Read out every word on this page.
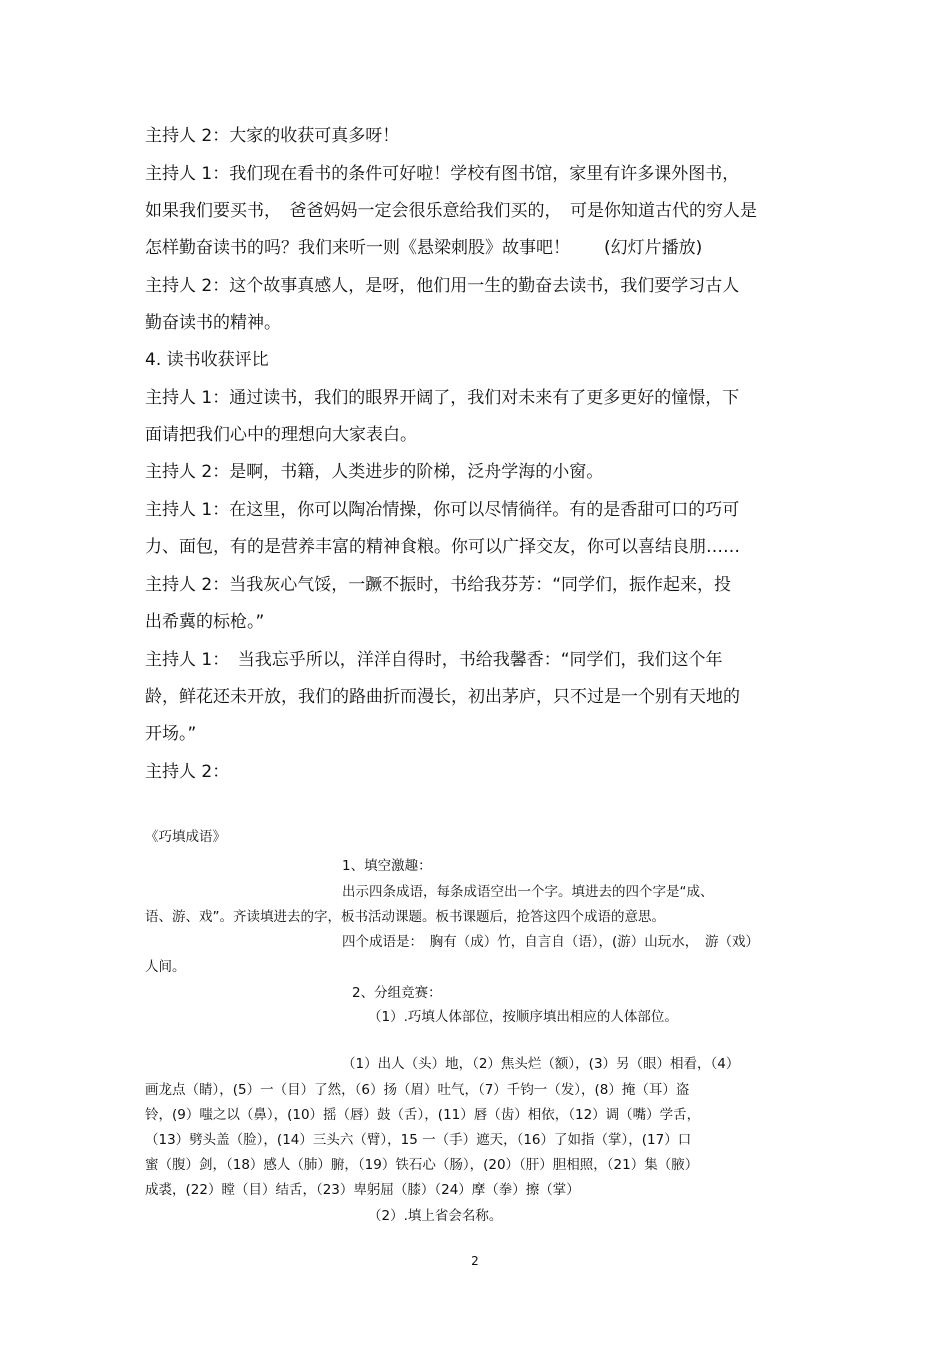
主持人 2：大家的收获可真多呀！
主持人 1：我们现在看书的条件可好啦！学校有图书馆，家里有许多课外图书，
如果我们要买书，　爸爸妈妈一定会很乐意给我们买的，　可是你知道古代的穷人是
怎样勤奋读书的吗？我们来听一则《悬梁刺股》故事吧！　　(幻灯片播放)
主持人 2：这个故事真感人，是呀，他们用一生的勤奋去读书，我们要学习古人
勤奋读书的精神。
4. 读书收获评比
主持人 1：通过读书，我们的眼界开阔了，我们对未来有了更多更好的憧憬，下
面请把我们心中的理想向大家表白。
主持人 2：是啊，书籍，人类进步的阶梯，泛舟学海的小窗。
主持人 1：在这里，你可以陶冶情操，你可以尽情徜徉。有的是香甜可口的巧可
力、面包，有的是营养丰富的精神食粮。你可以广择交友，你可以喜结良朋……
主持人 2：当我灰心气馁，一蹶不振时，书给我芬芳：“同学们，振作起来，投
出希冀的标枪。”
主持人 1：　当我忘乎所以，洋洋自得时，书给我馨香：“同学们，我们这个年
龄，鲜花还未开放，我们的路曲折而漫长，初出茅庐，只不过是一个别有天地的
开场。”
主持人 2：
《巧填成语》
1、填空激趣：
出示四条成语，每条成语空出一个字。填进去的四个字是“成、
语、游、戏”。齐读填进去的字，板书活动课题。板书课题后，抢答这四个成语的意思。
四个成语是：　胸有（成）竹，自言自（语），(游）山玩水，　游（戏）
人间。
2、分组竞赛：
（1）.巧填人体部位，按顺序填出相应的人体部位。
（1）出人（头）地，（2）焦头烂（额），(3）另（眼）相看，（4）
画龙点（睛），(5）一（目）了然，（6）扬（眉）吐气，（7）千钧一（发），(8）掩（耳）盗
铃，(9）嗤之以（鼻），(10）摇（唇）鼓（舌），(11）唇（齿）相依，（12）调（嘴）学舌，
（13）劈头盖（脸），(14）三头六（臂），15 一（手）遮天，（16）了如指（掌），(17）口
蜜（腹）剑，（18）感人（肺）腑，（19）铁石心（肠），(20）（肝）胆相照，（21）集（腋）
成裘，(22）瞠（目）结舌，（23）卑躬屈（膝）（24）摩（拳）擦（掌）
（2）.填上省会名称。
2
